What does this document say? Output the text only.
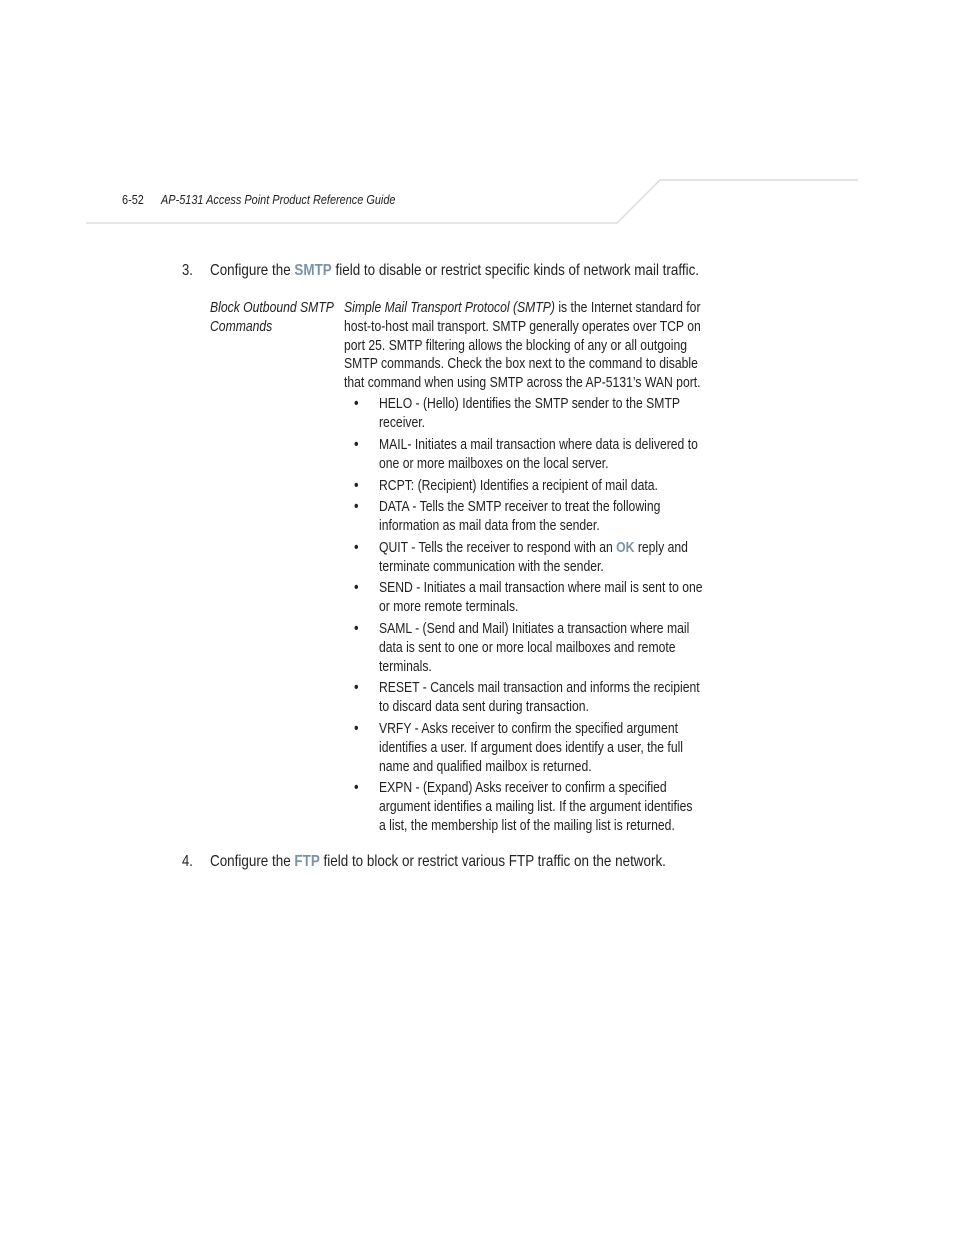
6-52 AP-5131 Access Point Product Reference Guide
3. Configure the SMTP field to disable or restrict specific kinds of network mail traffic.
Block Outbound SMTP
Commands
Simple Mail Transport Protocol (SMTP) is the Internet standard for
host-to-host mail transport. SMTP generally operates over TCP on
port 25. SMTP filtering allows the blocking of any or all outgoing
SMTP commands. Check the box next to the command to disable
that command when using SMTP across the AP-5131’s WAN port.
• HELO - (Hello) Identifies the SMTP sender to the SMTP
receiver.
• MAIL- Initiates a mail transaction where data is delivered to
one or more mailboxes on the local server.
• RCPT: (Recipient) Identifies a recipient of mail data.
• DATA - Tells the SMTP receiver to treat the following
information as mail data from the sender.
• QUIT - Tells the receiver to respond with an OK reply and
terminate communication with the sender.
• SEND - Initiates a mail transaction where mail is sent to one
or more remote terminals.
• SAML - (Send and Mail) Initiates a transaction where mail
data is sent to one or more local mailboxes and remote
terminals.
• RESET - Cancels mail transaction and informs the recipient
to discard data sent during transaction.
• VRFY - Asks receiver to confirm the specified argument
identifies a user. If argument does identify a user, the full
name and qualified mailbox is returned.
• EXPN - (Expand) Asks receiver to confirm a specified
argument identifies a mailing list. If the argument identifies
a list, the membership list of the mailing list is returned.
4. Configure the FTP field to block or restrict various FTP traffic on the network.
